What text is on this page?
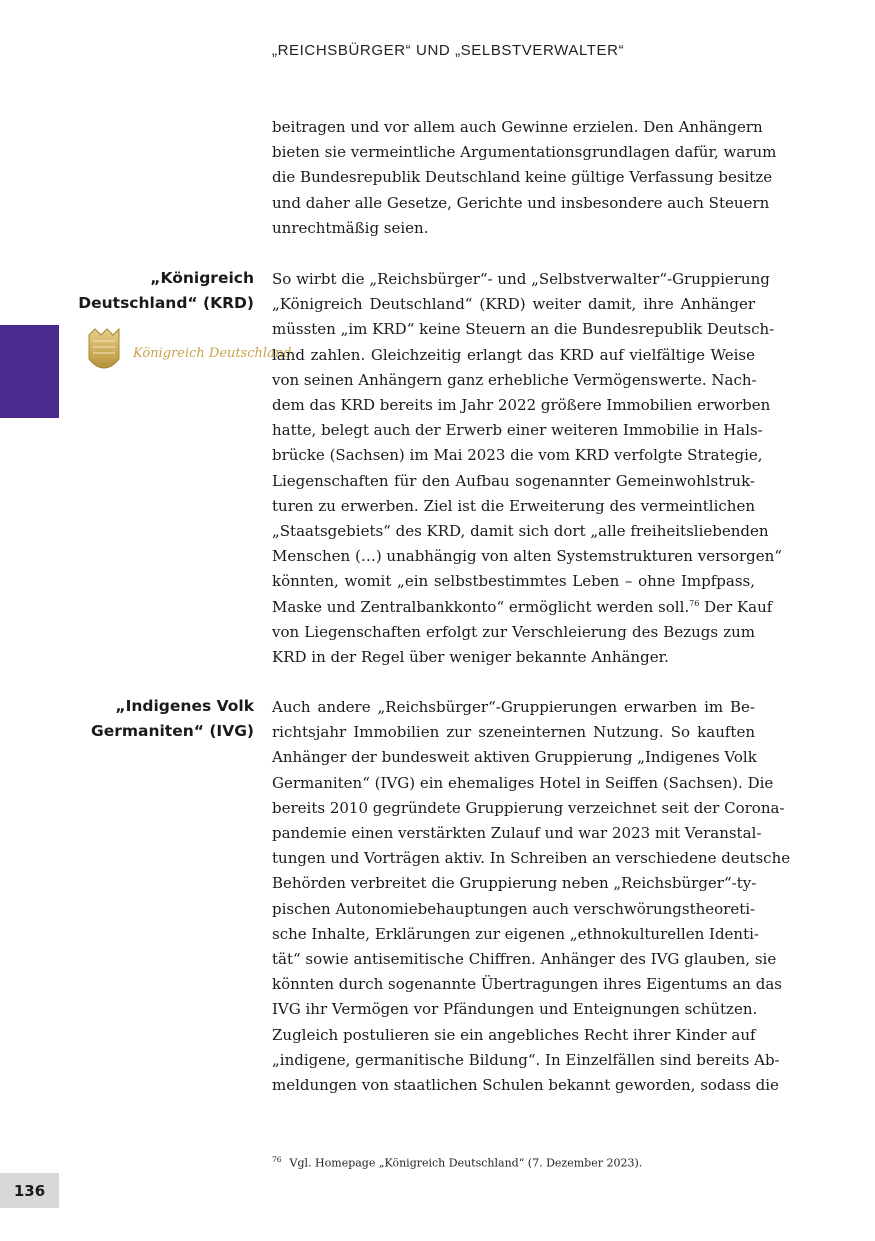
„REICHSBÜRGER“ UND „SELBSTVERWALTER“
beitragen und vor allem auch Gewinne erzielen. Den Anhängern
bieten sie vermeintliche Argumentationsgrundlagen dafür, warum
die Bundesrepublik Deutschland keine gültige Verfassung besitze
und daher alle Gesetze, Gerichte und insbesondere auch Steuern
unrechtmäßig seien.
„Königreich
Deutschland“ (KRD)
Königreich Deutschland
So wirbt die „Reichsbürger“- und „Selbstverwalter“-Gruppierung
„Königreich Deutschland“ (KRD) weiter damit, ihre Anhänger
müssten „im KRD“ keine Steuern an die Bundesrepublik Deutsch-
land zahlen. Gleichzeitig erlangt das KRD auf vielfältige Weise
von seinen Anhängern ganz erhebliche Vermögenswerte. Nach-
dem das KRD bereits im Jahr 2022 größere Immobilien erworben
hatte, belegt auch der Erwerb einer weiteren Immobilie in Hals-
brücke (Sachsen) im Mai 2023 die vom KRD verfolgte Strategie,
Liegenschaften für den Aufbau sogenannter Gemeinwohlstruk-
turen zu erwerben. Ziel ist die Erweiterung des vermeintlichen
„Staatsgebiets“ des KRD, damit sich dort „alle freiheitsliebenden
Menschen (…) unabhängig von alten Systemstrukturen versorgen“
könnten, womit „ein selbstbestimmtes Leben – ohne Impfpass,
Maske und Zentralbankkonto“ ermöglicht werden soll.$^{76}$ Der Kauf
von Liegenschaften erfolgt zur Verschleierung des Bezugs zum
KRD in der Regel über weniger bekannte Anhänger.
„Indigenes Volk
Germaniten“ (IVG)
Auch andere „Reichsbürger“-Gruppierungen erwarben im Be-
richtsjahr Immobilien zur szeneinternen Nutzung. So kauften
Anhänger der bundesweit aktiven Gruppierung „Indigenes Volk
Germaniten“ (IVG) ein ehemaliges Hotel in Seiffen (Sachsen). Die
bereits 2010 gegründete Gruppierung verzeichnet seit der Corona-
pandemie einen verstärkten Zulauf und war 2023 mit Veranstal-
tungen und Vorträgen aktiv. In Schreiben an verschiedene deutsche
Behörden verbreitet die Gruppierung neben „Reichsbürger“-ty-
pischen Autonomiebehauptungen auch verschwörungstheoreti-
sche Inhalte, Erklärungen zur eigenen „ethnokulturellen Identi-
tät“ sowie antisemitische Chiffren. Anhänger des IVG glauben, sie
könnten durch sogenannte Übertragungen ihres Eigentums an das
IVG ihr Vermögen vor Pfändungen und Enteignungen schützen.
Zugleich postulieren sie ein angebliches Recht ihrer Kinder auf
„indigene, germanitische Bildung“. In Einzelfällen sind bereits Ab-
meldungen von staatlichen Schulen bekannt geworden, sodass die
$^{76}$ Vgl. Homepage „Königreich Deutschland“ (7. Dezember 2023).
136
